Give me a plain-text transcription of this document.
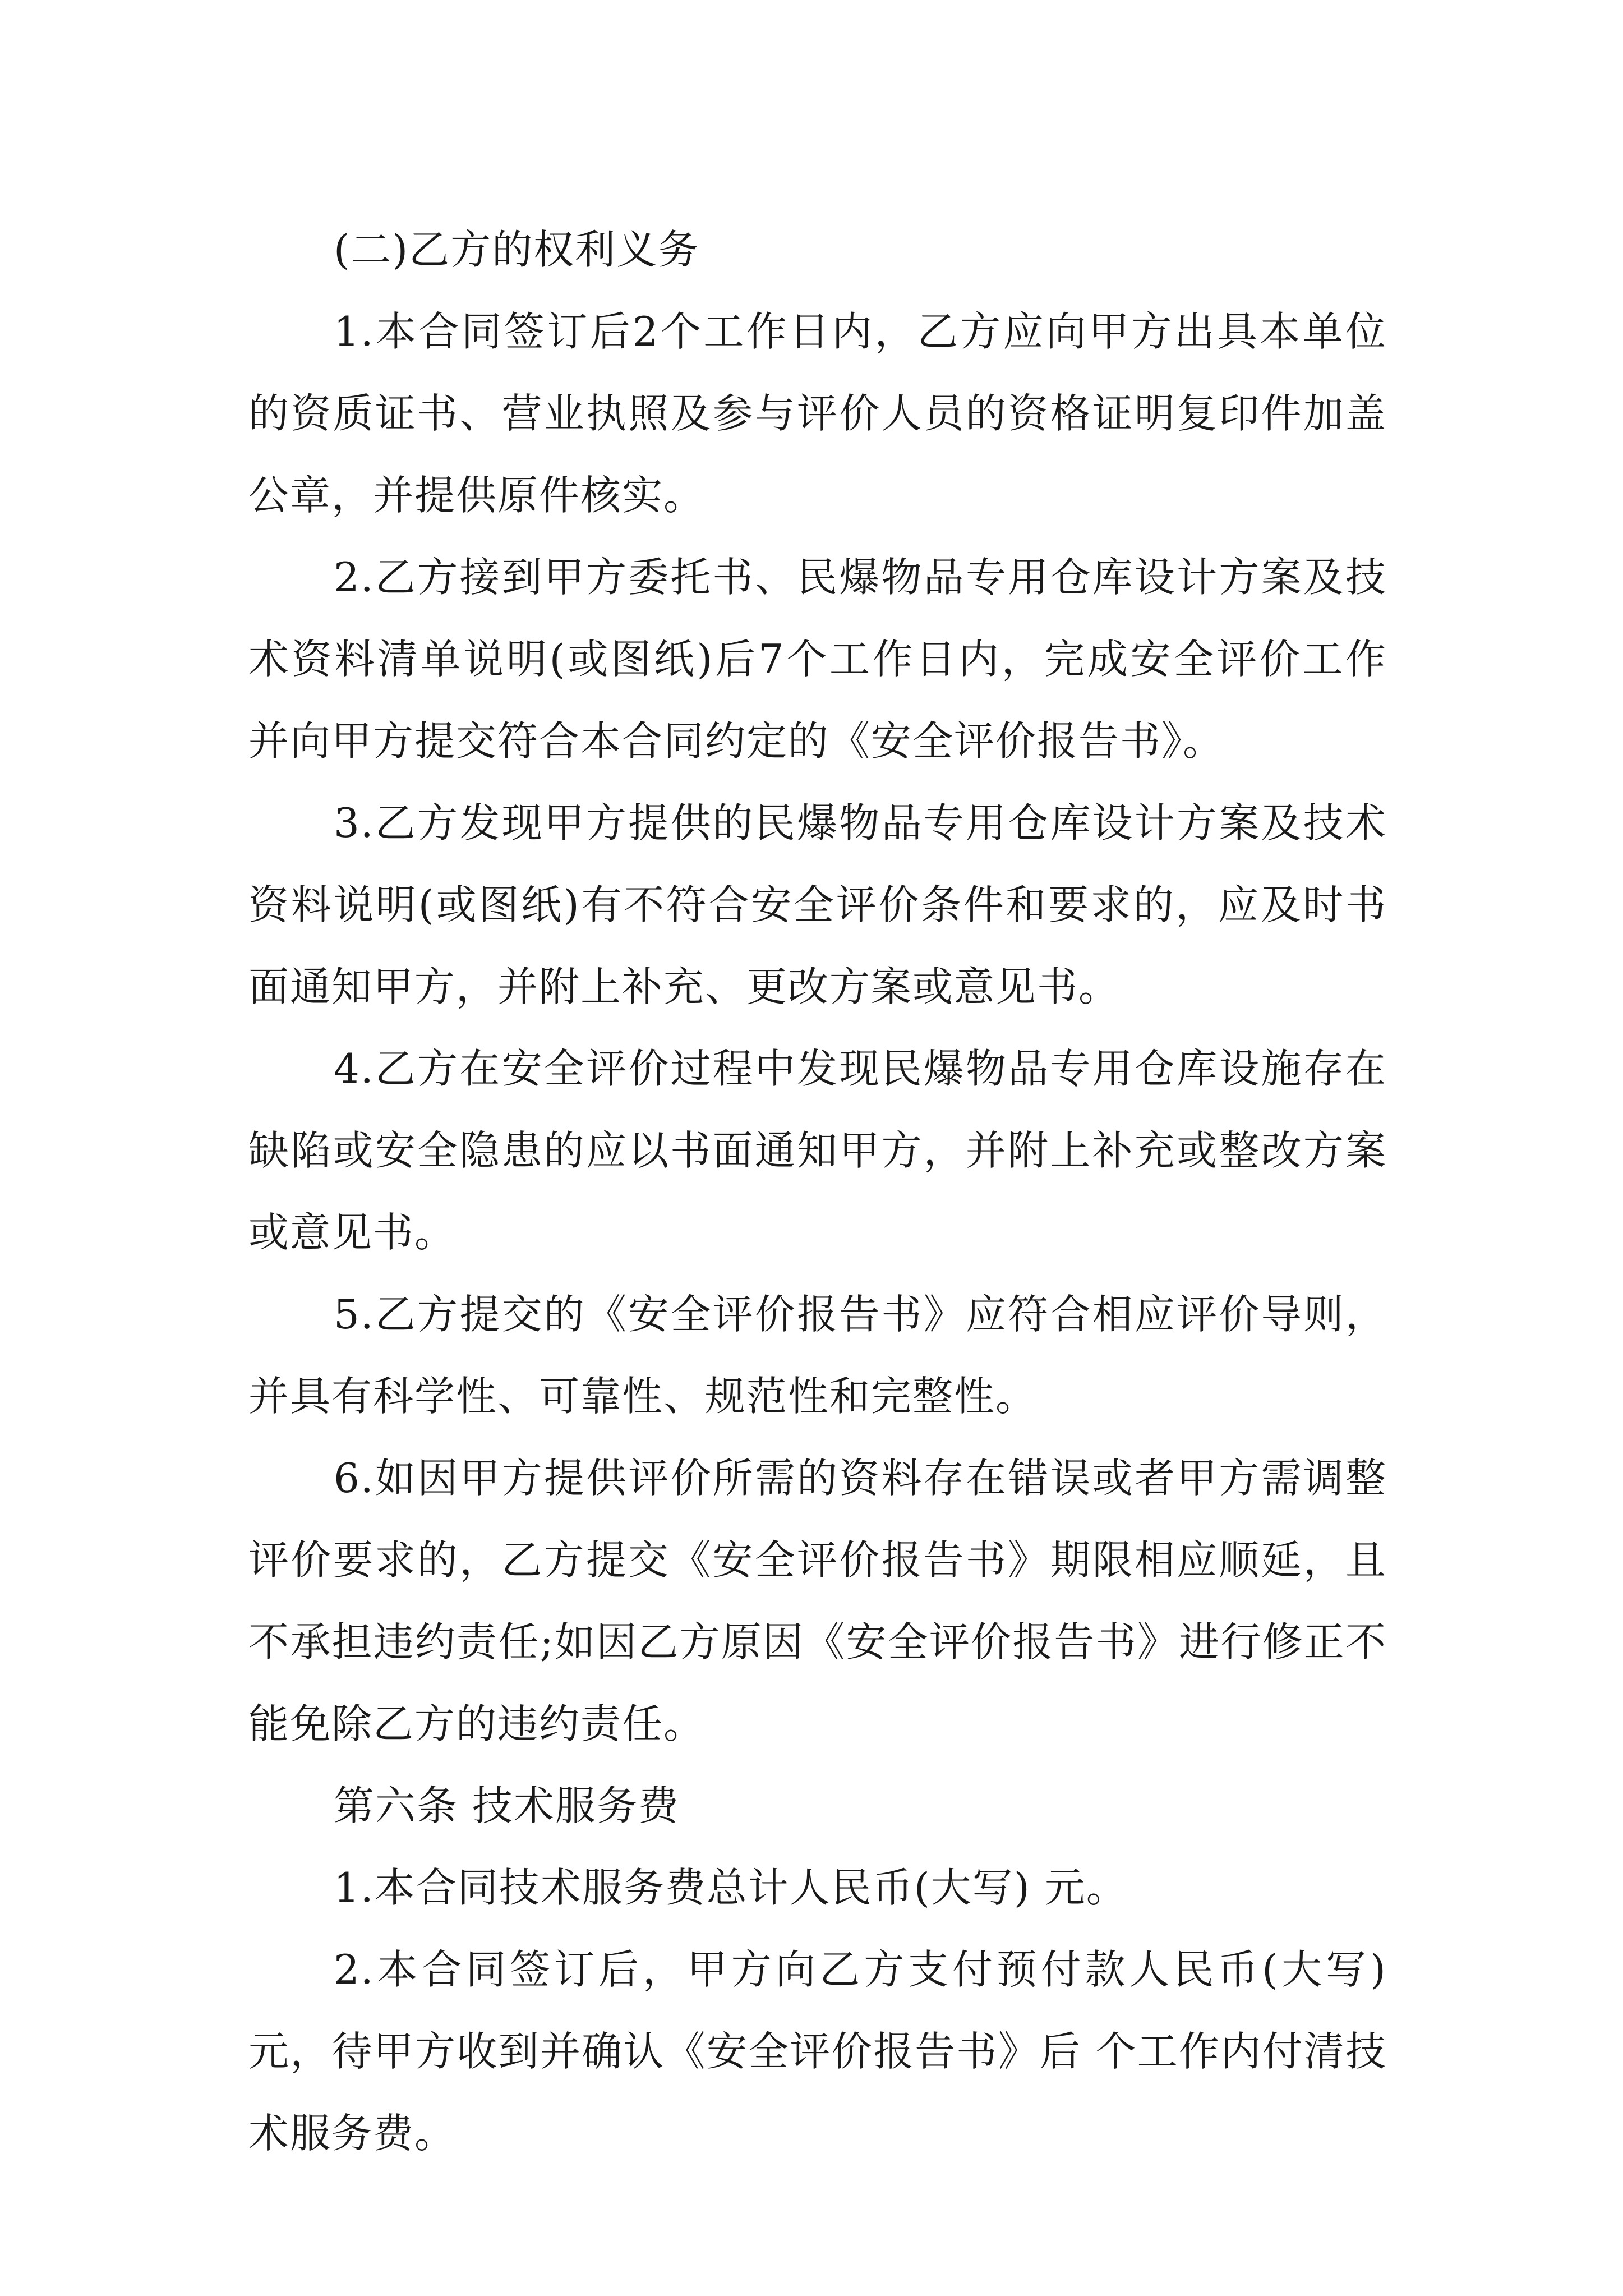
(二)乙方的权利义务

1.本合同签订后2个工作日内，乙方应向甲方出具本单位的资质证书、营业执照及参与评价人员的资格证明复印件加盖公章，并提供原件核实。

2.乙方接到甲方委托书、民爆物品专用仓库设计方案及技术资料清单说明(或图纸)后7个工作日内，完成安全评价工作并向甲方提交符合本合同约定的《安全评价报告书》。

3.乙方发现甲方提供的民爆物品专用仓库设计方案及技术资料说明(或图纸)有不符合安全评价条件和要求的，应及时书面通知甲方，并附上补充、更改方案或意见书。

4.乙方在安全评价过程中发现民爆物品专用仓库设施存在缺陷或安全隐患的应以书面通知甲方，并附上补充或整改方案或意见书。

5.乙方提交的《安全评价报告书》应符合相应评价导则，并具有科学性、可靠性、规范性和完整性。

6.如因甲方提供评价所需的资料存在错误或者甲方需调整评价要求的，乙方提交《安全评价报告书》期限相应顺延，且不承担违约责任;如因乙方原因《安全评价报告书》进行修正不能免除乙方的违约责任。

第六条 技术服务费

1.本合同技术服务费总计人民币(大写) 元。

2.本合同签订后，甲方向乙方支付预付款人民币(大写) 元，待甲方收到并确认《安全评价报告书》后 个工作内付清技术服务费。
